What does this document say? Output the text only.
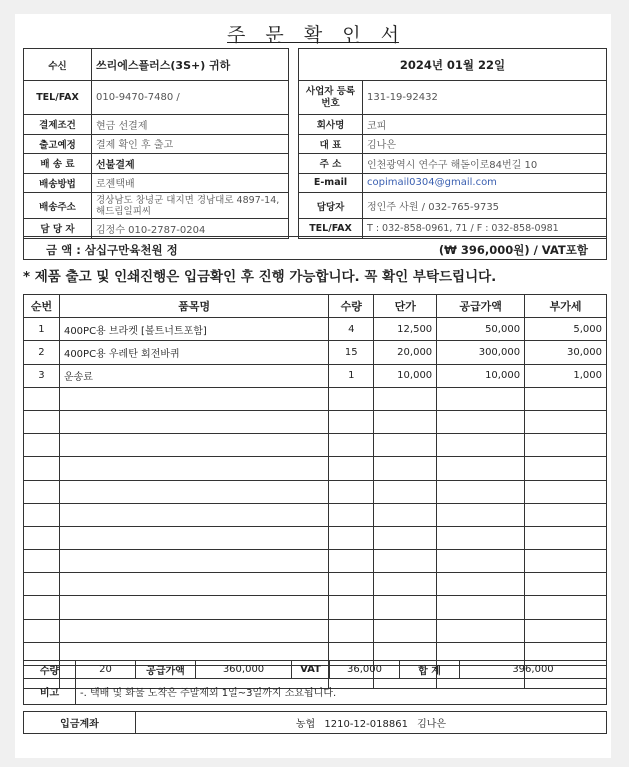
주 문 확 인 서
수신	쓰리에스플러스(3S+) 귀하
TEL/FAX	010-9470-7480 /
결제조건	현금 선결제
출고예정	결제 확인 후 출고
배 송 료	선불결제
배송방법	로젠택배
배송주소	경상남도 창녕군 대지면 경남대로 4897-14, 해드림일피씨
담 당 자	김정수 010-2787-0204
2024년 01월 22일	
사업자 등록번호	131-19-92432
회사명	코피
대 표	김나은
주 소	인천광역시 연수구 해돋이로84번길 10
E-mail	copimail0304@gmail.com
담당자	정인주 사원 / 032-765-9735
TEL/FAX	T : 032-858-0961, 71 / F : 032-858-0981
금 액 : 삼십구만육천원 정	(₩ 396,000원) / VAT포함
* 제품 출고 및 인쇄진행은 입금확인 후 진행 가능합니다. 꼭 확인 부탁드립니다.
순번	품목명	수량	단가	공급가액	부가세
1	400PC용 브라켓 [볼트너트포함]	4	12,500	50,000	5,000
2	400PC용 우레탄 회전바퀴	15	20,000	300,000	30,000
3	운송료	1	10,000	10,000	1,000

수량	20	공급가액	360,000	VAT	36,000	합 계	396,000
비고	-. 택배 및 화물 도착은 주말제외 1일~3일까지 소요됩니다.						
입금계좌	농협 1210-12-018861 김나은
